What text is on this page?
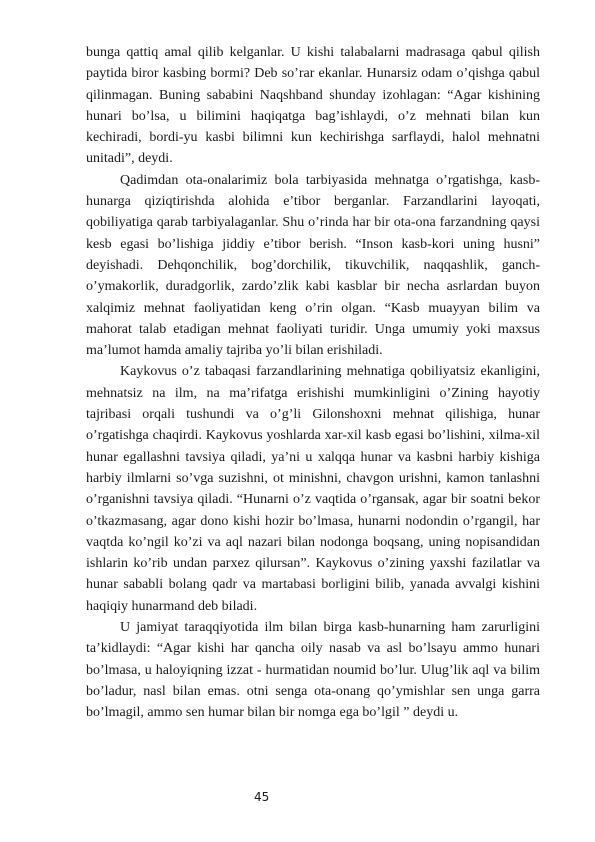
bunga qattiq amal qilib kelganlar. U kishi talabalarni madrasaga qabul qilish paytida biror kasbing bormi? Deb so’rar ekanlar. Hunarsiz odam o’qishga qabul qilinmagan. Buning sababini Naqshband shunday izohlagan: “Agar kishining hunari bo’lsa, u bilimini haqiqatga bag’ishlaydi, o’z mehnati bilan kun kechiradi, bordi-yu kasbi bilimni kun kechirishga sarflaydi, halol mehnatni unitadi”, deydi.

Qadimdan ota-onalarimiz bola tarbiyasida mehnatga o’rgatishga, kasb-hunarga qiziqtirishda alohida e’tibor berganlar. Farzandlarini layoqati, qobiliyatiga qarab tarbiyalaganlar. Shu o’rinda har bir ota-ona farzandning qaysi kesb egasi bo’lishiga jiddiy e’tibor berish. “Inson kasb-kori uning husni” deyishadi. Dehqonchilik, bog’dorchilik, tikuvchilik, naqqashlik, ganch-o’ymakorlik, duradgorlik, zardo’zlik kabi kasblar bir necha asrlardan buyon xalqimiz mehnat faoliyatidan keng o’rin olgan. “Kasb muayyan bilim va mahorat talab etadigan mehnat faoliyati turidir. Unga umumiy yoki maxsus ma’lumot hamda amaliy tajriba yo’li bilan erishiladi.

Kaykovus o’z tabaqasi farzandlarining mehnatiga qobiliyatsiz ekanligini, mehnatsiz na ilm, na ma’rifatga erishishi mumkinligini o’Zining hayotiy tajribasi orqali tushundi va o’g’li Gilonshoxni mehnat qilishiga, hunar o’rgatishga chaqirdi. Kaykovus yoshlarda xar-xil kasb egasi bo’lishini, xilma-xil hunar egallashni tavsiya qiladi, ya’ni u xalqqa hunar va kasbni harbiy kishiga harbiy ilmlarni so’vga suzishni, ot minishni, chavgon urishni, kamon tanlashni o’rganishni tavsiya qiladi. “Hunarni o’z vaqtida o’rgansak, agar bir soatni bekor o’tkazmasang, agar dono kishi hozir bo’lmasa, hunarni nodondin o’rgangil, har vaqtda ko’ngil ko’zi va aql nazari bilan nodonga boqsang, uning nopisandidan ishlarin ko’rib undan parxez qilursan”. Kaykovus o’zining yaxshi fazilatlar va hunar sababli bolang qadr va martabasi borligini bilib, yanada avvalgi kishini haqiqiy hunarmand deb biladi.

U jamiyat taraqqiyotida ilm bilan birga kasb-hunarning ham zarurligini ta’kidlaydi: “Agar kishi har qancha oily nasab va asl bo’lsayu ammo hunari bo’lmasa, u haloyiqning izzat - hurmatidan noumid bo’lur. Ulug’lik aql va bilim bo’ladur, nasl bilan emas. otni senga ota-onang qo’ymishlar sen unga garra bo’lmagil, ammo sen humar bilan bir nomga ega bo’lgil ” deydi u.

45
